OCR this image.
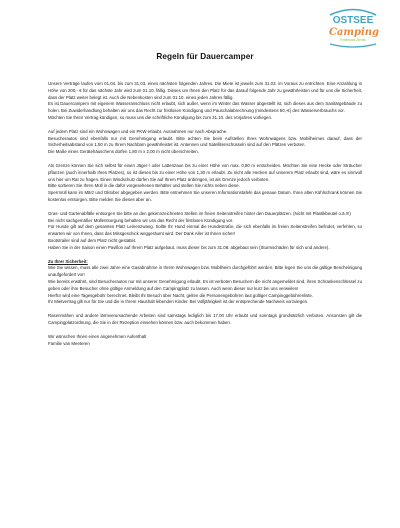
OSTSEE
Camping
Ferienpark Zierow
Regeln für Dauercamper

Unsere Verträge laufen vom 01.04. bis zum 31.03. eines nächsten folgenden Jahres. Die Miete ist jeweils zum 31.03. im Voraus zu entrichten. Eine Anzahlung in Höhe von 200,- € für das nächste Jahr wird zum 01.10. fällig. Dieses um Ihnen den Platz für das darauf folgende Jahr zu gewährleisten und für uns die Sicherheit, dass der Platz weiter belegt ist. Auch die Nebenkosten sind zum 01.10. eines jeden Jahres fällig.
Es ist Dauercampern mit eigenem Wasseranschluss nicht erlaubt, sich außer, wenn im Winter das Wasser abgestellt ist, sich dieses aus dem Sanitärgebäude zu holen. Bei Zuwiderhandlung behalten wir uns das Recht zur fristlosen Kündigung und Pauschalabrechnung (mindestens 50,-€) des Wasserverbrauchs vor.
Möchten Sie Ihren Vertrag kündigen, so muss uns die schriftliche Kündigung bis zum 31.10. des Vorjahres vorliegen.

Auf jedem Platz sind ein Wohnwagen und ein PKW erlaubt. Ausnahmen nur nach Absprache.
Besucherautos sind ebenfalls nur mit Genehmigung erlaubt. Bitte achten Sie beim Aufstellen Ihres Wohnwagens bzw. Mobilheimes darauf, dass der Sicherheitsabstand von 1,50 m zu Ihrem Nachbarn gewährleistet ist. Antennen und Satellitenschüsseln sind auf den Plätzen verboten.
Die Maße eines Gerätehäuschens dürfen 1,80 m x 2,00 m nicht überschreiten.

Als Grenze können Sie sich selbst für einen Jäger-/ oder Lattenzaun bis zu einer Höhe von max. 0,80 m entscheiden. Möchten Sie eine Hecke oder Sträucher pflanzen (auch innerhalb Ihres Platzes), so ist dieses bis zu einer Höhe von 1,30 m erlaubt. Zu nicht alle Hecken auf unserem Platz erlaubt sind, wäre es sinnvoll uns hier um Rat zu fragen. Einen Windschutz dürfen Sie auf Ihrem Platz anbringen, ist als Grenze jedoch verboten.
Bitte sortieren Sie Ihren Müll in die dafür vorgesehenen Behälter und stellen Sie nichts neben diese.
Sperrmüll kann im März und Oktober abgegeben werden. Bitte entnehmen Sie unseren Informationstafeln das genaue Datum. Ihren alten Kühlschrank können Sie kostenlos entsorgen. Bitte melden Sie dieses aber an.

Gras- und Gartenabfälle entsorgen Sie bitte an den gekennzeichneten Stellen im freien Seitenstreifen hinter den Dauerplätzen. (Nicht mit Plastikbeutel o.ä.!!!)
Bei nicht sachgemäßer Müllentsorgung behalten wir uns das Recht der fristlosen Kündigung vor.
Für Hunde gilt auf dem gesamten Platz Leinenzwang. Sollte Ihr Hund einmal die Hundestraße, die sich ebenfalls im freien Seitenstreifen befindet, verfehlen, so erwarten wir von Ihnen, dass das Missgeschick weggeräumt wird. Der Dank Aller ist Ihnen sicher!
Bootstrailer sind auf dem Platz nicht gestattet.
Haben Sie in der Saison einen Pavillon auf Ihrem Platz aufgebaut, muss dieser bis zum 31.08. abgebaut sein (Sturmschäden für sich und andere).

Zu Ihrer Sicherheit:
Wie Sie wissen, muss alle zwei Jahre eine Gasabnahme in Ihrem Wohnwagen bzw. Mobilheim durchgeführt werden. Bitte legen Sie uns die gültige Bescheinigung unaufgefordert vor!
Wie bereits erwähnt, sind Besucherautos nur mit unserer Genehmigung erlaubt. Es ist verboten Besuchern die nicht angemeldet sind, ihren Schrankenschlüssel zu geben oder ihre Besucher ohne gültige Anmeldung auf den Campingplatz zu lassen. Auch wenn dieser nur kurz bei uns verweilen!
Hierfür wird eine Tagesgebühr berechnet. Bleibt Ihr Besuch über Nacht, gelten die Personengebühren laut gültiger Campinggebührenliste.
Ihr Mietvertrag gilt nur für Sie und die in Ihrem Haushalt lebenden Kinder. Bei Volljährigkeit ist der entsprechende Nachweis vorzulegen.

Rasenmähen und andere lärmverursachende Arbeiten sind samstags lediglich bis 17.00 Uhr erlaubt und sonntags grundsätzlich verboten. Ansonsten gilt die Campingplatzordnung, die Sie in der Rezeption einsehen können bzw. auch bekommen haben.

Wir wünschen Ihnen einen angenehmen Aufenthalt
Familie van Meeteren
